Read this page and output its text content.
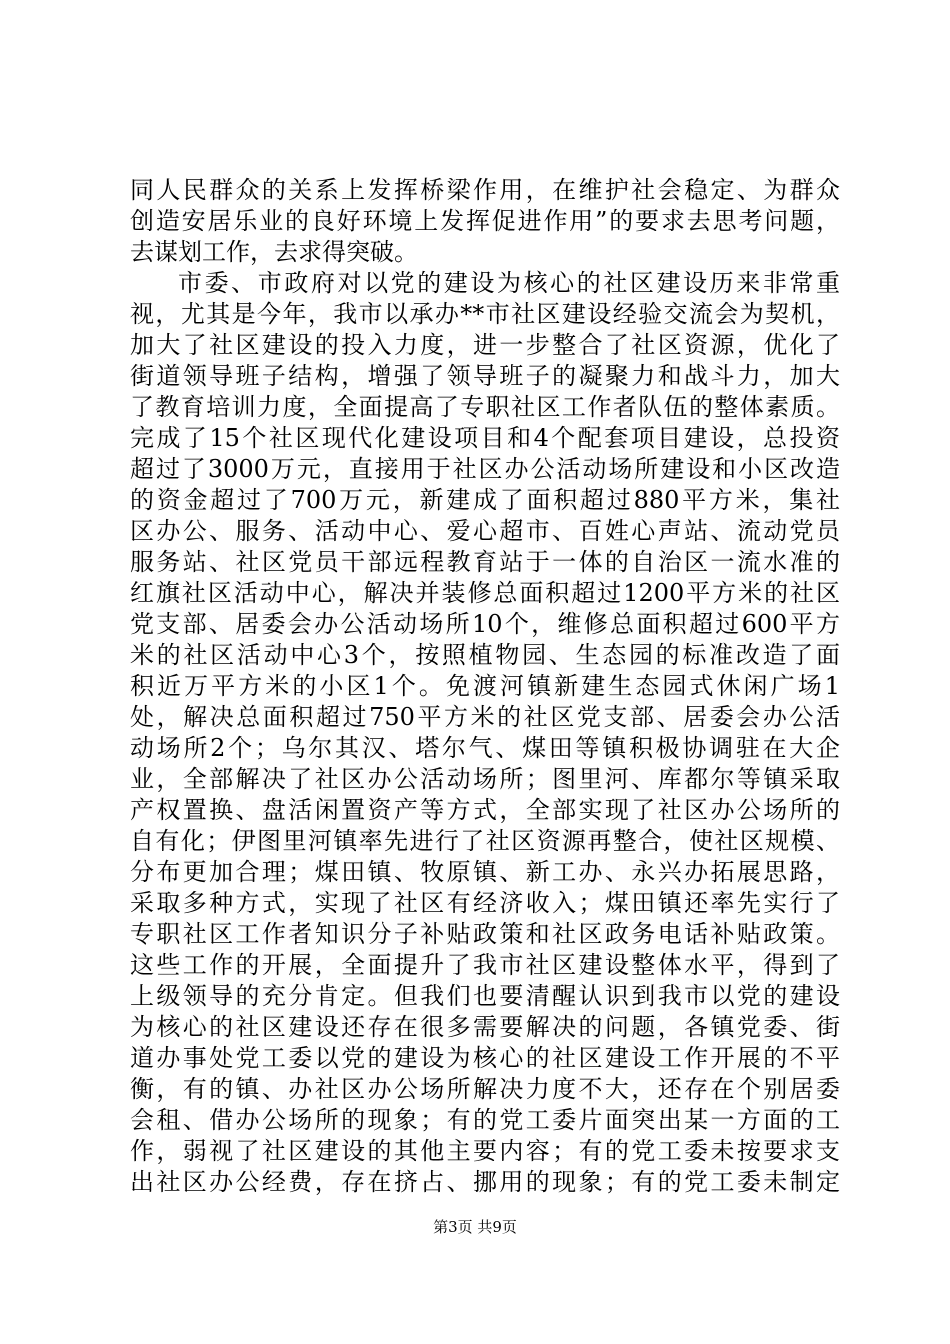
同人民群众的关系上发挥桥梁作用，在维护社会稳定、为群众
创造安居乐业的良好环境上发挥促进作用”的要求去思考问题，
去谋划工作，去求得突破。
市委、市政府对以党的建设为核心的社区建设历来非常重
视，尤其是今年，我市以承办**市社区建设经验交流会为契机，
加大了社区建设的投入力度，进一步整合了社区资源，优化了
街道领导班子结构，增强了领导班子的凝聚力和战斗力，加大
了教育培训力度，全面提高了专职社区工作者队伍的整体素质。
完成了15个社区现代化建设项目和4个配套项目建设，总投资
超过了3000万元，直接用于社区办公活动场所建设和小区改造
的资金超过了700万元，新建成了面积超过880平方米，集社
区办公、服务、活动中心、爱心超市、百姓心声站、流动党员
服务站、社区党员干部远程教育站于一体的自治区一流水准的
红旗社区活动中心，解决并装修总面积超过1200平方米的社区
党支部、居委会办公活动场所10个，维修总面积超过600平方
米的社区活动中心3个，按照植物园、生态园的标准改造了面
积近万平方米的小区1个。免渡河镇新建生态园式休闲广场1
处，解决总面积超过750平方米的社区党支部、居委会办公活
动场所2个；乌尔其汉、塔尔气、煤田等镇积极协调驻在大企
业，全部解决了社区办公活动场所；图里河、库都尔等镇采取
产权置换、盘活闲置资产等方式，全部实现了社区办公场所的
自有化；伊图里河镇率先进行了社区资源再整合，使社区规模、
分布更加合理；煤田镇、牧原镇、新工办、永兴办拓展思路，
采取多种方式，实现了社区有经济收入；煤田镇还率先实行了
专职社区工作者知识分子补贴政策和社区政务电话补贴政策。
这些工作的开展，全面提升了我市社区建设整体水平，得到了
上级领导的充分肯定。但我们也要清醒认识到我市以党的建设
为核心的社区建设还存在很多需要解决的问题，各镇党委、街
道办事处党工委以党的建设为核心的社区建设工作开展的不平
衡，有的镇、办社区办公场所解决力度不大，还存在个别居委
会租、借办公场所的现象；有的党工委片面突出某一方面的工
作，弱视了社区建设的其他主要内容；有的党工委未按要求支
出社区办公经费，存在挤占、挪用的现象；有的党工委未制定
第3页 共9页
